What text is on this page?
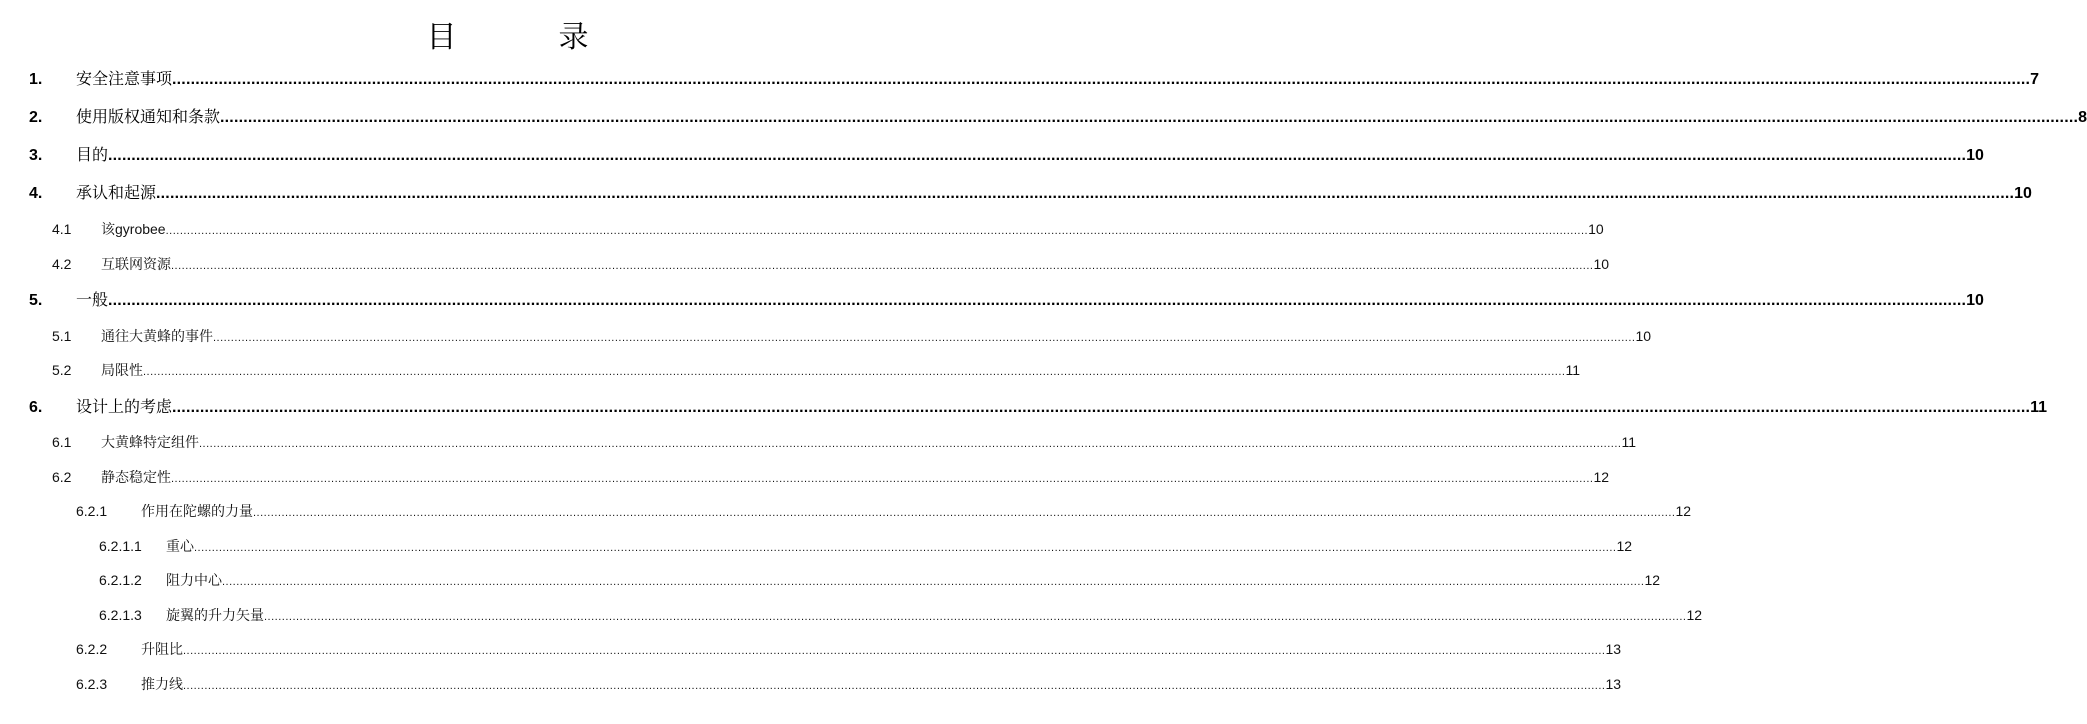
目　录
1.	安全注意事项 ................................................................................................................................................................................................................................................................................................................................................................................................................ 7
2.	使用版权通知和条款 ................................................................................................................................................................................................................................................................................................................................................................................................................ 8
3.	目的 ................................................................................................................................................................................................................................................................................................................................................................................................................ 10
4.	承认和起源 ................................................................................................................................................................................................................................................................................................................................................................................................................ 10
4.1	该gyrobee ................................................................................................................................................................................................................................................................................................................................................................................................................ 10
4.2	互联网资源 ................................................................................................................................................................................................................................................................................................................................................................................................................ 10
5.	一般 ................................................................................................................................................................................................................................................................................................................................................................................................................ 10
5.1	通往大黄蜂的事件 ................................................................................................................................................................................................................................................................................................................................................................................................................ 10
5.2	局限性 ................................................................................................................................................................................................................................................................................................................................................................................................................ 11
6.	设计上的考虑 ................................................................................................................................................................................................................................................................................................................................................................................................................ 11
6.1	大黄蜂特定组件 ................................................................................................................................................................................................................................................................................................................................................................................................................ 11
6.2	静态稳定性 ................................................................................................................................................................................................................................................................................................................................................................................................................ 12
6.2.1	作用在陀螺的力量 ................................................................................................................................................................................................................................................................................................................................................................................................................ 12
6.2.1.1	重心 ................................................................................................................................................................................................................................................................................................................................................................................................................ 12
6.2.1.2	阻力中心 ................................................................................................................................................................................................................................................................................................................................................................................................................ 12
6.2.1.3	旋翼的升力矢量 ................................................................................................................................................................................................................................................................................................................................................................................................................ 12
6.2.2	升阻比 ................................................................................................................................................................................................................................................................................................................................................................................................................ 13
6.2.3	推力线 ................................................................................................................................................................................................................................................................................................................................................................................................................ 13
